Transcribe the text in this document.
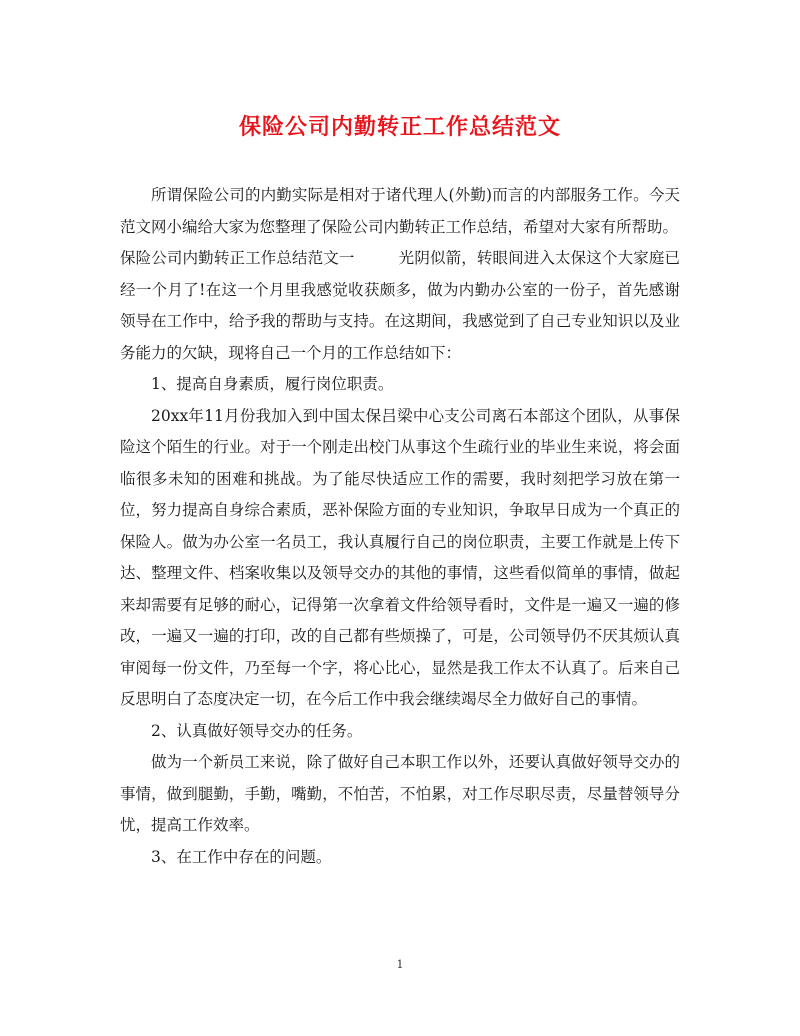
保险公司内勤转正工作总结范文

所谓保险公司的内勤实际是相对于诸代理人(外勤)而言的内部服务工作。今天范文网小编给大家为您整理了保险公司内勤转正工作总结，希望对大家有所帮助。

保险公司内勤转正工作总结范文一	光阴似箭，转眼间进入太保这个大家庭已经一个月了!在这一个月里我感觉收获颇多，做为内勤办公室的一份子，首先感谢领导在工作中，给予我的帮助与支持。在这期间，我感觉到了自己专业知识以及业务能力的欠缺，现将自己一个月的工作总结如下：

1、提高自身素质，履行岗位职责。

20xx年11月份我加入到中国太保吕梁中心支公司离石本部这个团队，从事保险这个陌生的行业。对于一个刚走出校门从事这个生疏行业的毕业生来说，将会面临很多未知的困难和挑战。为了能尽快适应工作的需要，我时刻把学习放在第一位，努力提高自身综合素质，恶补保险方面的专业知识，争取早日成为一个真正的保险人。做为办公室一名员工，我认真履行自己的岗位职责，主要工作就是上传下达、整理文件、档案收集以及领导交办的其他的事情，这些看似简单的事情，做起来却需要有足够的耐心，记得第一次拿着文件给领导看时，文件是一遍又一遍的修改，一遍又一遍的打印，改的自己都有些烦操了，可是，公司领导仍不厌其烦认真审阅每一份文件，乃至每一个字，将心比心，显然是我工作太不认真了。后来自己反思明白了态度决定一切，在今后工作中我会继续竭尽全力做好自己的事情。

2、认真做好领导交办的任务。

做为一个新员工来说，除了做好自己本职工作以外，还要认真做好领导交办的事情，做到腿勤，手勤，嘴勤，不怕苦，不怕累，对工作尽职尽责，尽量替领导分忧，提高工作效率。

3、在工作中存在的问题。

1
